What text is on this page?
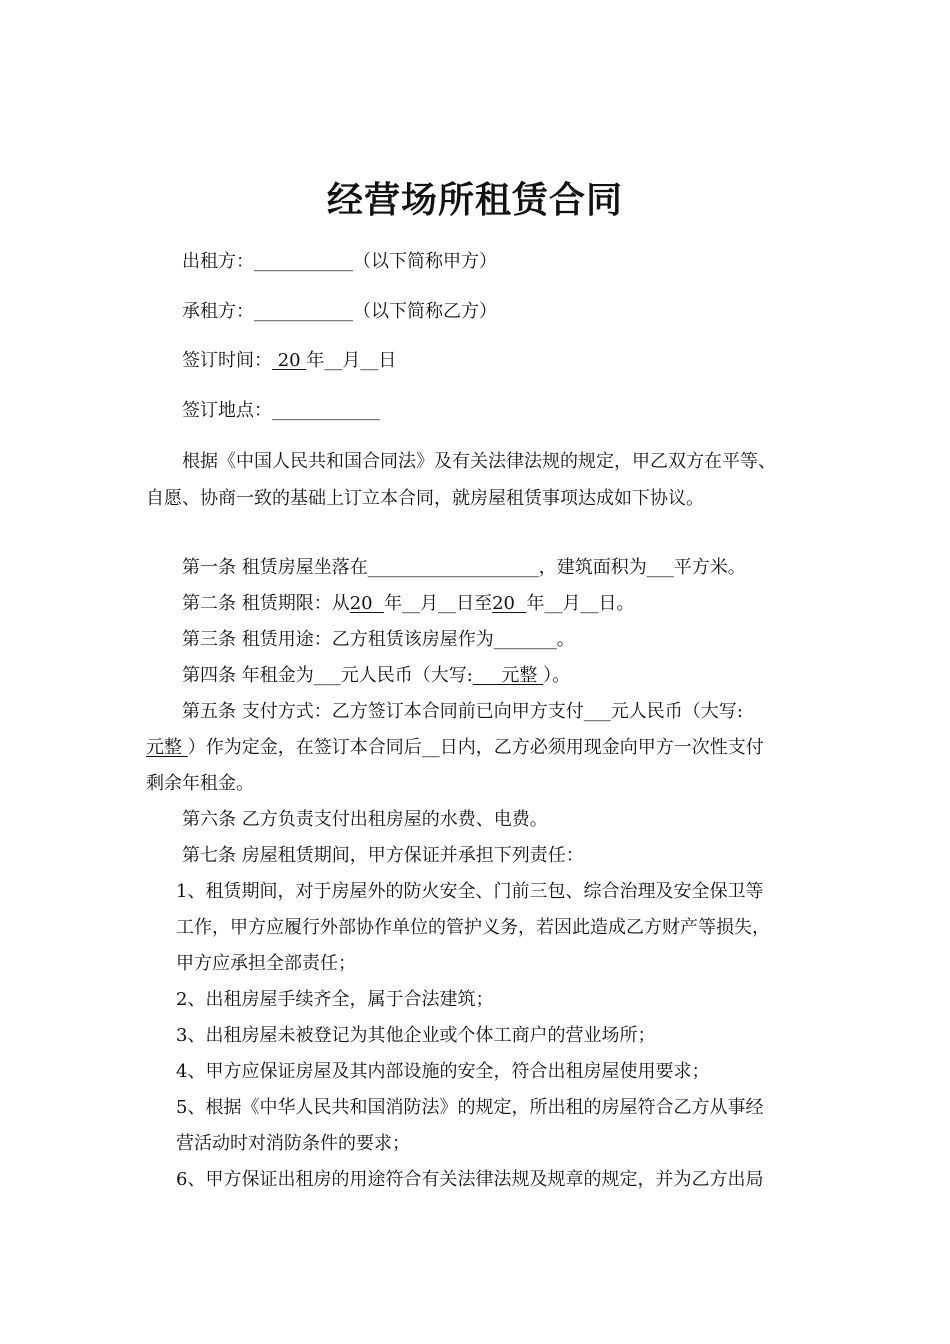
经营场所租赁合同
出租方：___________（以下简称甲方）
承租方：___________（以下简称乙方）
签订时间： 20 年__月__日
签订地点：____________
根据《中国人民共和国合同法》及有关法律法规的规定，甲乙双方在平等、
自愿、协商一致的基础上订立本合同，就房屋租赁事项达成如下协议。
第一条 租赁房屋坐落在___________________，建筑面积为___平方米。
第二条 租赁期限：从20 年__月__日至20 年__月__日。
第三条 租赁用途：乙方租赁该房屋作为_______。
第四条 年租金为___元人民币（大写:     元整 ）。
第五条 支付方式：乙方签订本合同前已向甲方支付___元人民币（大写:
元整 ）作为定金，在签订本合同后__日内，乙方必须用现金向甲方一次性支付
剩余年租金。
第六条 乙方负责支付出租房屋的水费、电费。
第七条 房屋租赁期间，甲方保证并承担下列责任：
1、租赁期间，对于房屋外的防火安全、门前三包、综合治理及安全保卫等
工作，甲方应履行外部协作单位的管护义务，若因此造成乙方财产等损失，
甲方应承担全部责任；
2、出租房屋手续齐全，属于合法建筑；
3、出租房屋未被登记为其他企业或个体工商户的营业场所；
4、甲方应保证房屋及其内部设施的安全，符合出租房屋使用要求；
5、根据《中华人民共和国消防法》的规定，所出租的房屋符合乙方从事经
营活动时对消防条件的要求；
6、甲方保证出租房的用途符合有关法律法规及规章的规定，并为乙方出局
